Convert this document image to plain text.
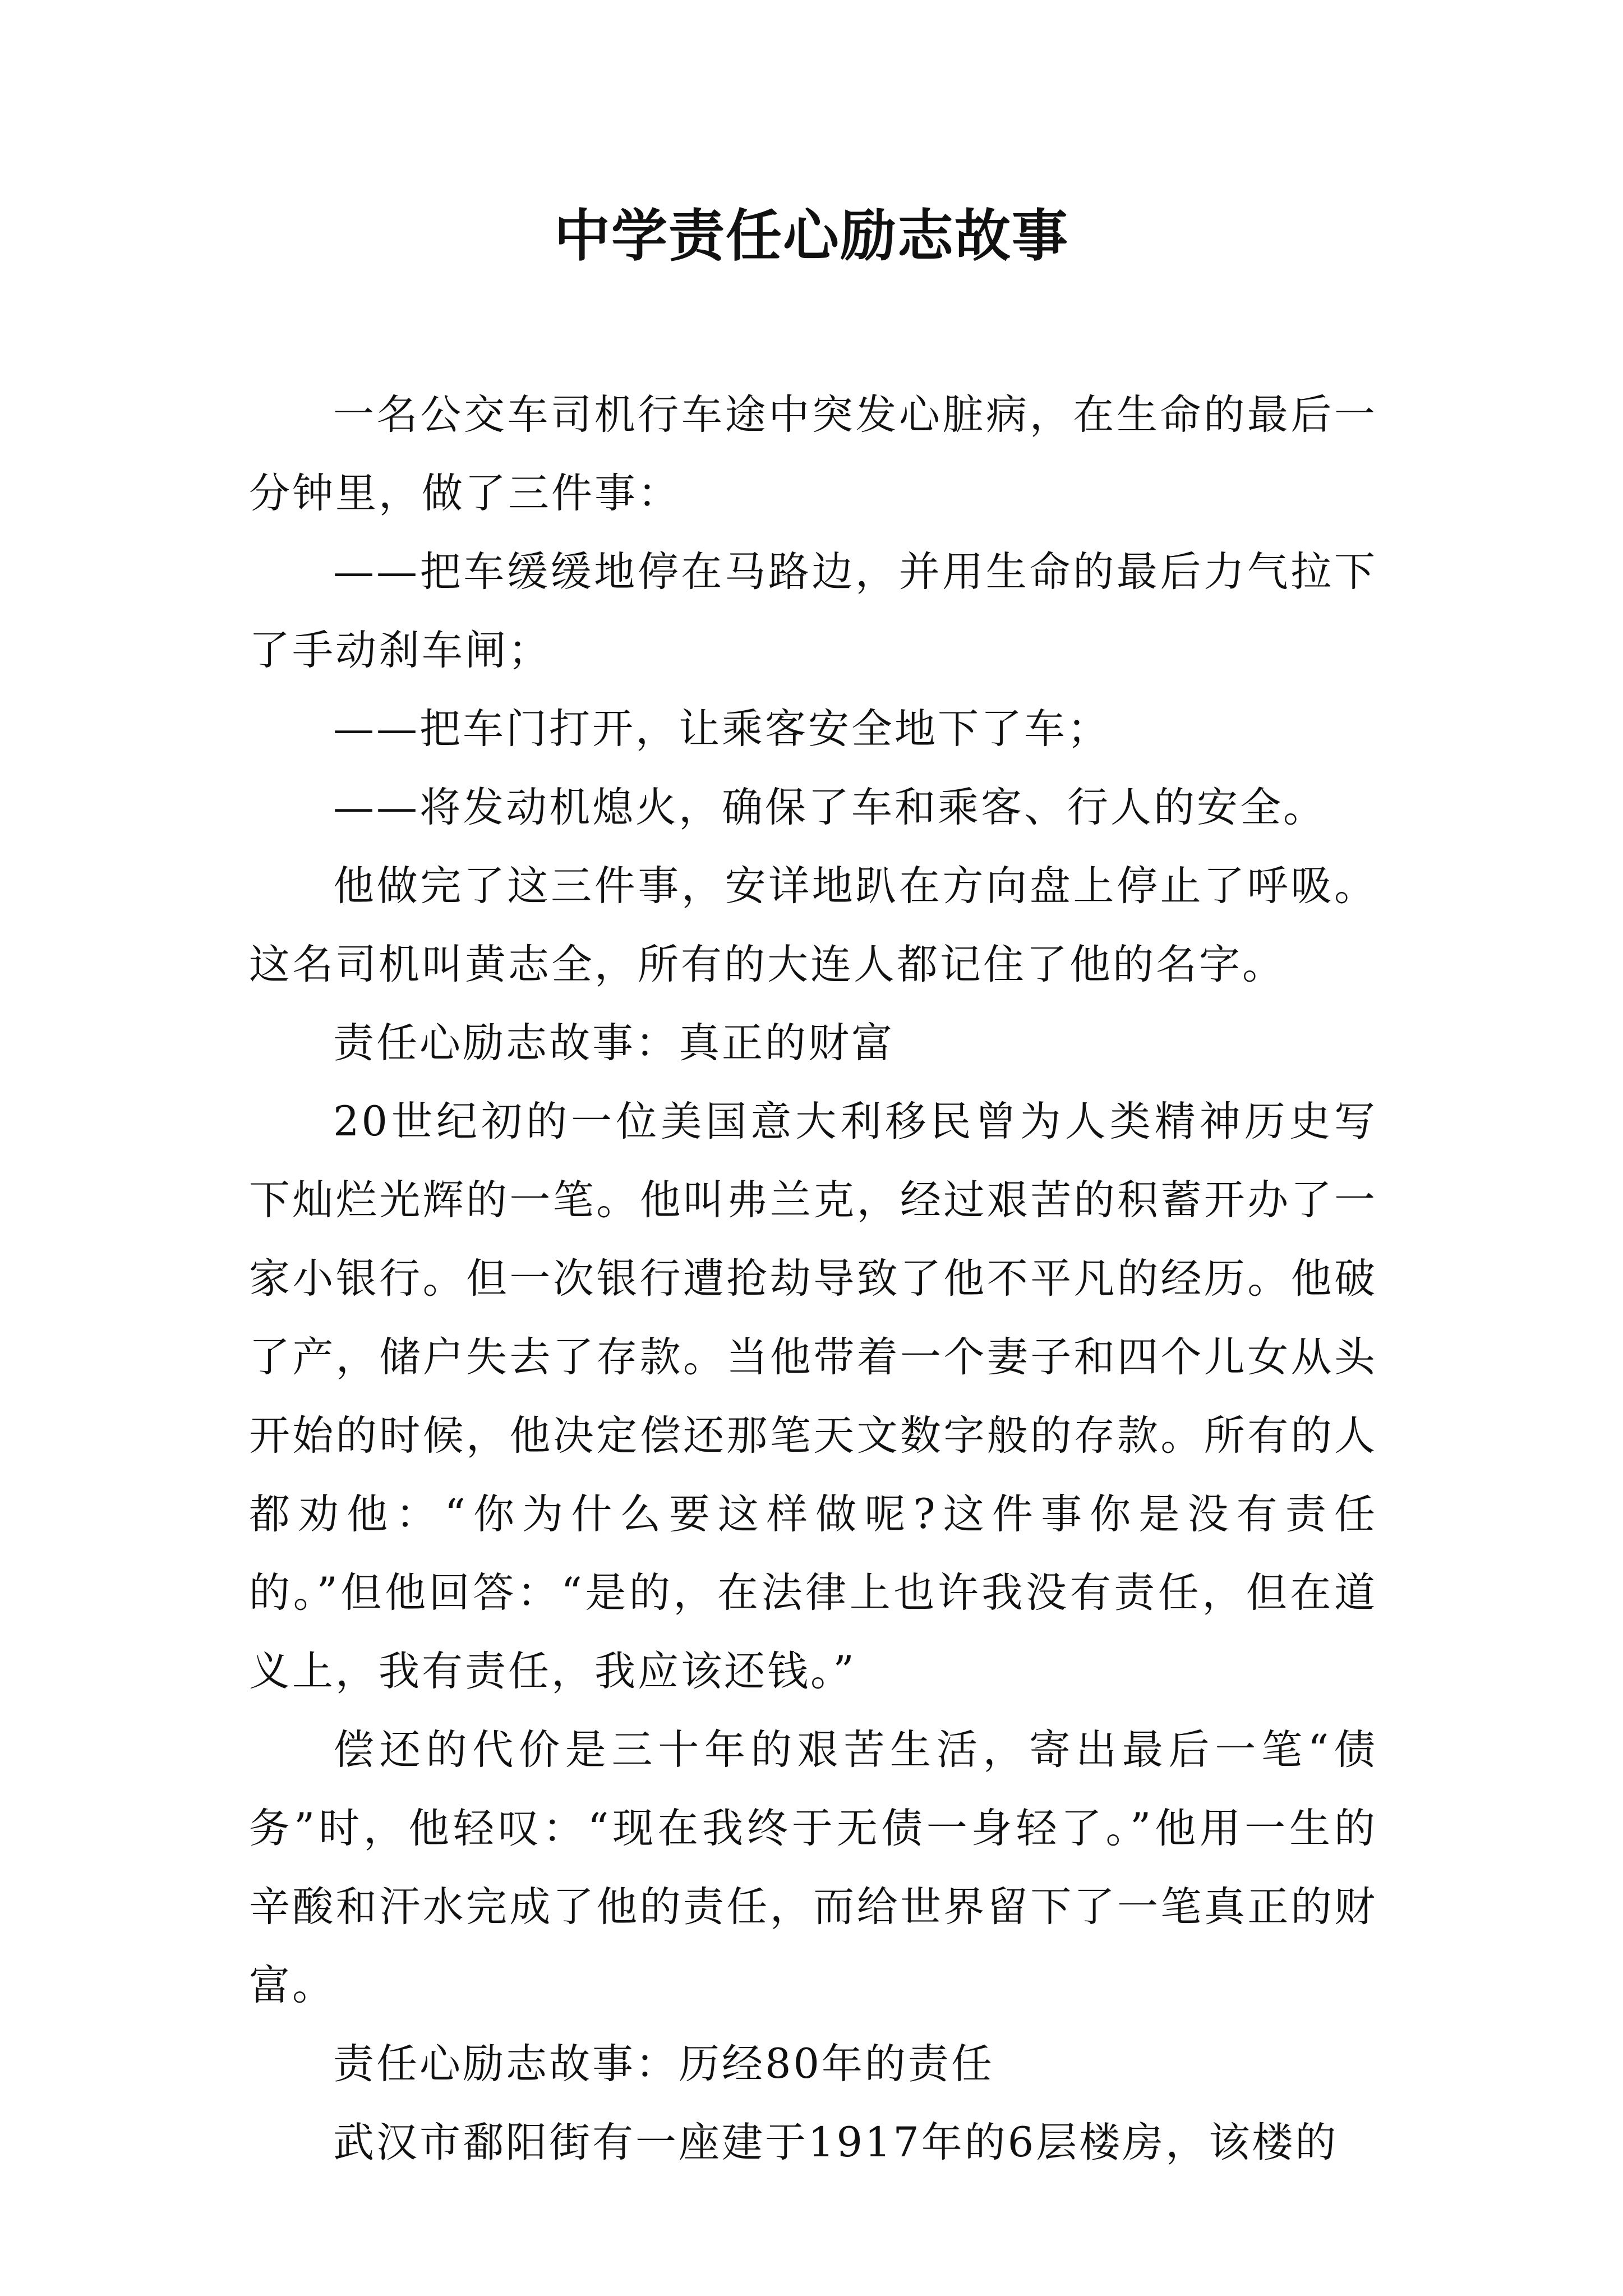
中学责任心励志故事

一名公交车司机行车途中突发心脏病，在生命的最后一分钟里，做了三件事：

——把车缓缓地停在马路边，并用生命的最后力气拉下了手动刹车闸；

——把车门打开，让乘客安全地下了车；

——将发动机熄火，确保了车和乘客、行人的安全。

他做完了这三件事，安详地趴在方向盘上停止了呼吸。这名司机叫黄志全，所有的大连人都记住了他的名字。

责任心励志故事：真正的财富

20世纪初的一位美国意大利移民曾为人类精神历史写下灿烂光辉的一笔。他叫弗兰克，经过艰苦的积蓄开办了一家小银行。但一次银行遭抢劫导致了他不平凡的经历。他破了产，储户失去了存款。当他带着一个妻子和四个儿女从头开始的时候，他决定偿还那笔天文数字般的存款。所有的人都劝他：“你为什么要这样做呢?这件事你是没有责任的。”但他回答：“是的，在法律上也许我没有责任，但在道义上，我有责任，我应该还钱。”

偿还的代价是三十年的艰苦生活，寄出最后一笔“债务”时，他轻叹：“现在我终于无债一身轻了。”他用一生的辛酸和汗水完成了他的责任，而给世界留下了一笔真正的财富。

责任心励志故事：历经80年的责任

武汉市鄱阳街有一座建于1917年的6层楼房，该楼的
